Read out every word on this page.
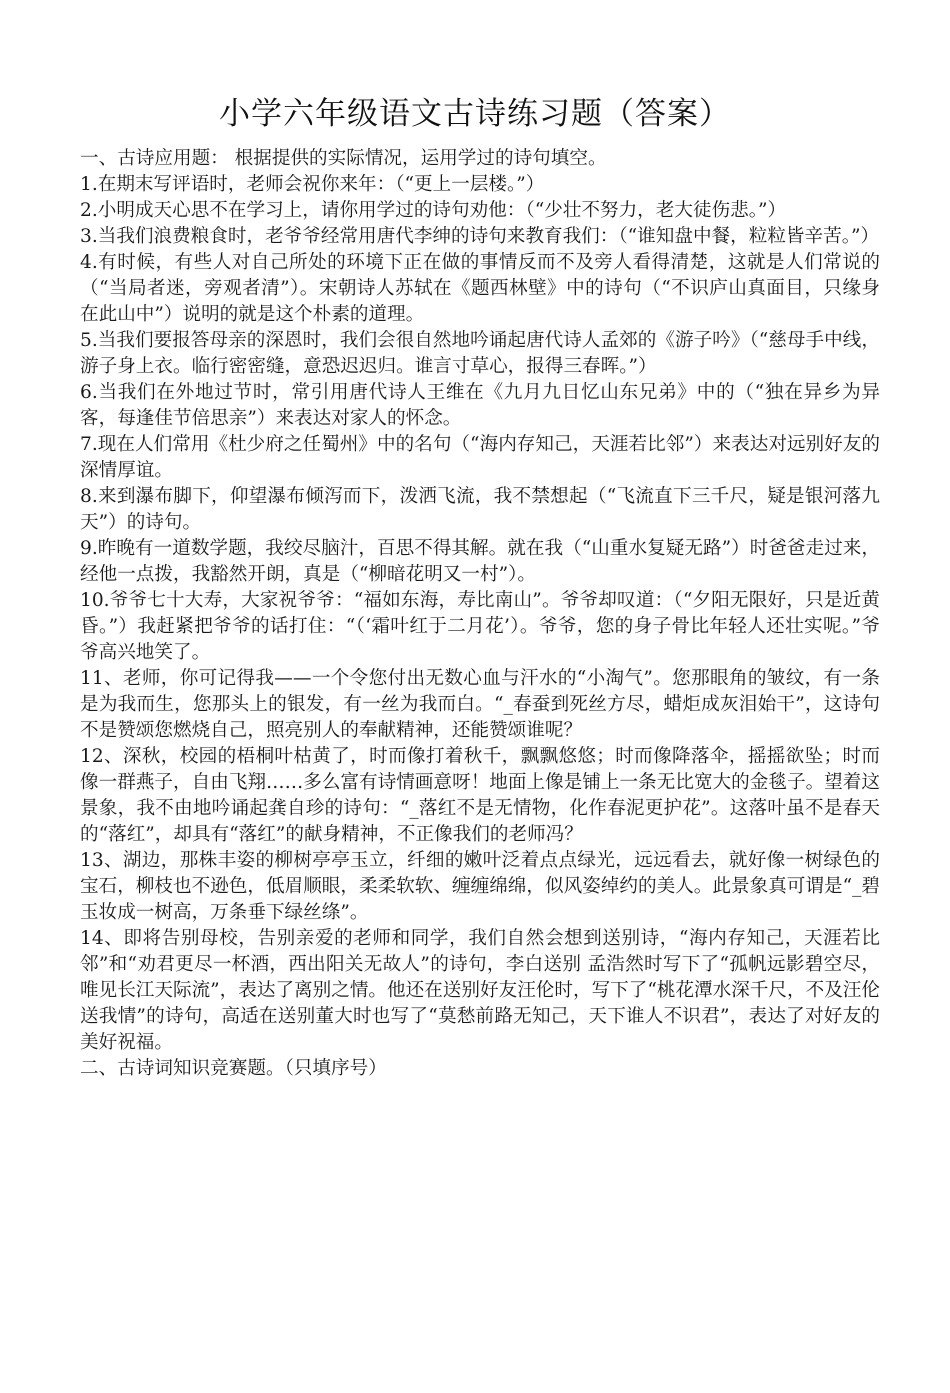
小学六年级语文古诗练习题（答案）

一、古诗应用题： 根据提供的实际情况，运用学过的诗句填空。

1.在期末写评语时，老师会祝你来年：（“更上一层楼。”）

2.小明成天心思不在学习上，请你用学过的诗句劝他：（“少壮不努力，老大徒伤悲。”）

3.当我们浪费粮食时，老爷爷经常用唐代李绅的诗句来教育我们：（“谁知盘中餐，粒粒皆辛苦。”）

4.有时候，有些人对自己所处的环境下正在做的事情反而不及旁人看得清楚，这就是人们常说的（“当局者迷，旁观者清”）。宋朝诗人苏轼在《题西林壁》中的诗句（“不识庐山真面目，只缘身在此山中”）说明的就是这个朴素的道理。

5.当我们要报答母亲的深恩时，我们会很自然地吟诵起唐代诗人孟郊的《游子吟》（“慈母手中线，游子身上衣。临行密密缝，意恐迟迟归。谁言寸草心，报得三春晖。”）

6.当我们在外地过节时，常引用唐代诗人王维在《九月九日忆山东兄弟》中的（“独在异乡为异客，每逢佳节倍思亲”）来表达对家人的怀念。

7.现在人们常用《杜少府之任蜀州》中的名句（“海内存知己，天涯若比邻”）来表达对远别好友的深情厚谊。

8.来到瀑布脚下，仰望瀑布倾泻而下，泼洒飞流，我不禁想起（“飞流直下三千尺，疑是银河落九天”）的诗句。

9.昨晚有一道数学题，我绞尽脑汁，百思不得其解。就在我（“山重水复疑无路”）时爸爸走过来，经他一点拨，我豁然开朗，真是（“柳暗花明又一村”）。

10.爷爷七十大寿，大家祝爷爷：“福如东海，寿比南山”。爷爷却叹道：（“夕阳无限好，只是近黄昏。”）我赶紧把爷爷的话打住：“（‘霜叶红于二月花’）。爷爷，您的身子骨比年轻人还壮实呢。”爷爷高兴地笑了。

11、老师，你可记得我——一个令您付出无数心血与汗水的“小淘气”。您那眼角的皱纹，有一条是为我而生，您那头上的银发，有一丝为我而白。“_春蚕到死丝方尽，蜡炬成灰泪始干”，这诗句不是赞颂您燃烧自己，照亮别人的奉献精神，还能赞颂谁呢？

12、深秋，校园的梧桐叶枯黄了，时而像打着秋千，飘飘悠悠；时而像降落伞，摇摇欲坠；时而像一群燕子，自由飞翔……多么富有诗情画意呀！地面上像是铺上一条无比宽大的金毯子。望着这景象，我不由地吟诵起龚自珍的诗句：“_落红不是无情物，化作春泥更护花”。这落叶虽不是春天的“落红”，却具有“落红”的献身精神，不正像我们的老师冯？

13、湖边，那株丰姿的柳树亭亭玉立，纤细的嫩叶泛着点点绿光，远远看去，就好像一树绿色的宝石，柳枝也不逊色，低眉顺眼，柔柔软软、缠缠绵绵，似风姿绰约的美人。此景象真可谓是“_碧玉妆成一树高，万条垂下绿丝绦”。

14、即将告别母校，告别亲爱的老师和同学，我们自然会想到送别诗，“海内存知己，天涯若比邻”和“劝君更尽一杯酒，西出阳关无故人”的诗句，李白送别 孟浩然时写下了“孤帆远影碧空尽，唯见长江天际流”，表达了离别之情。他还在送别好友汪伦时，写下了“桃花潭水深千尺，不及汪伦送我情”的诗句，高适在送别董大时也写了“莫愁前路无知己，天下谁人不识君”，表达了对好友的美好祝福。

二、古诗词知识竞赛题。（只填序号）
